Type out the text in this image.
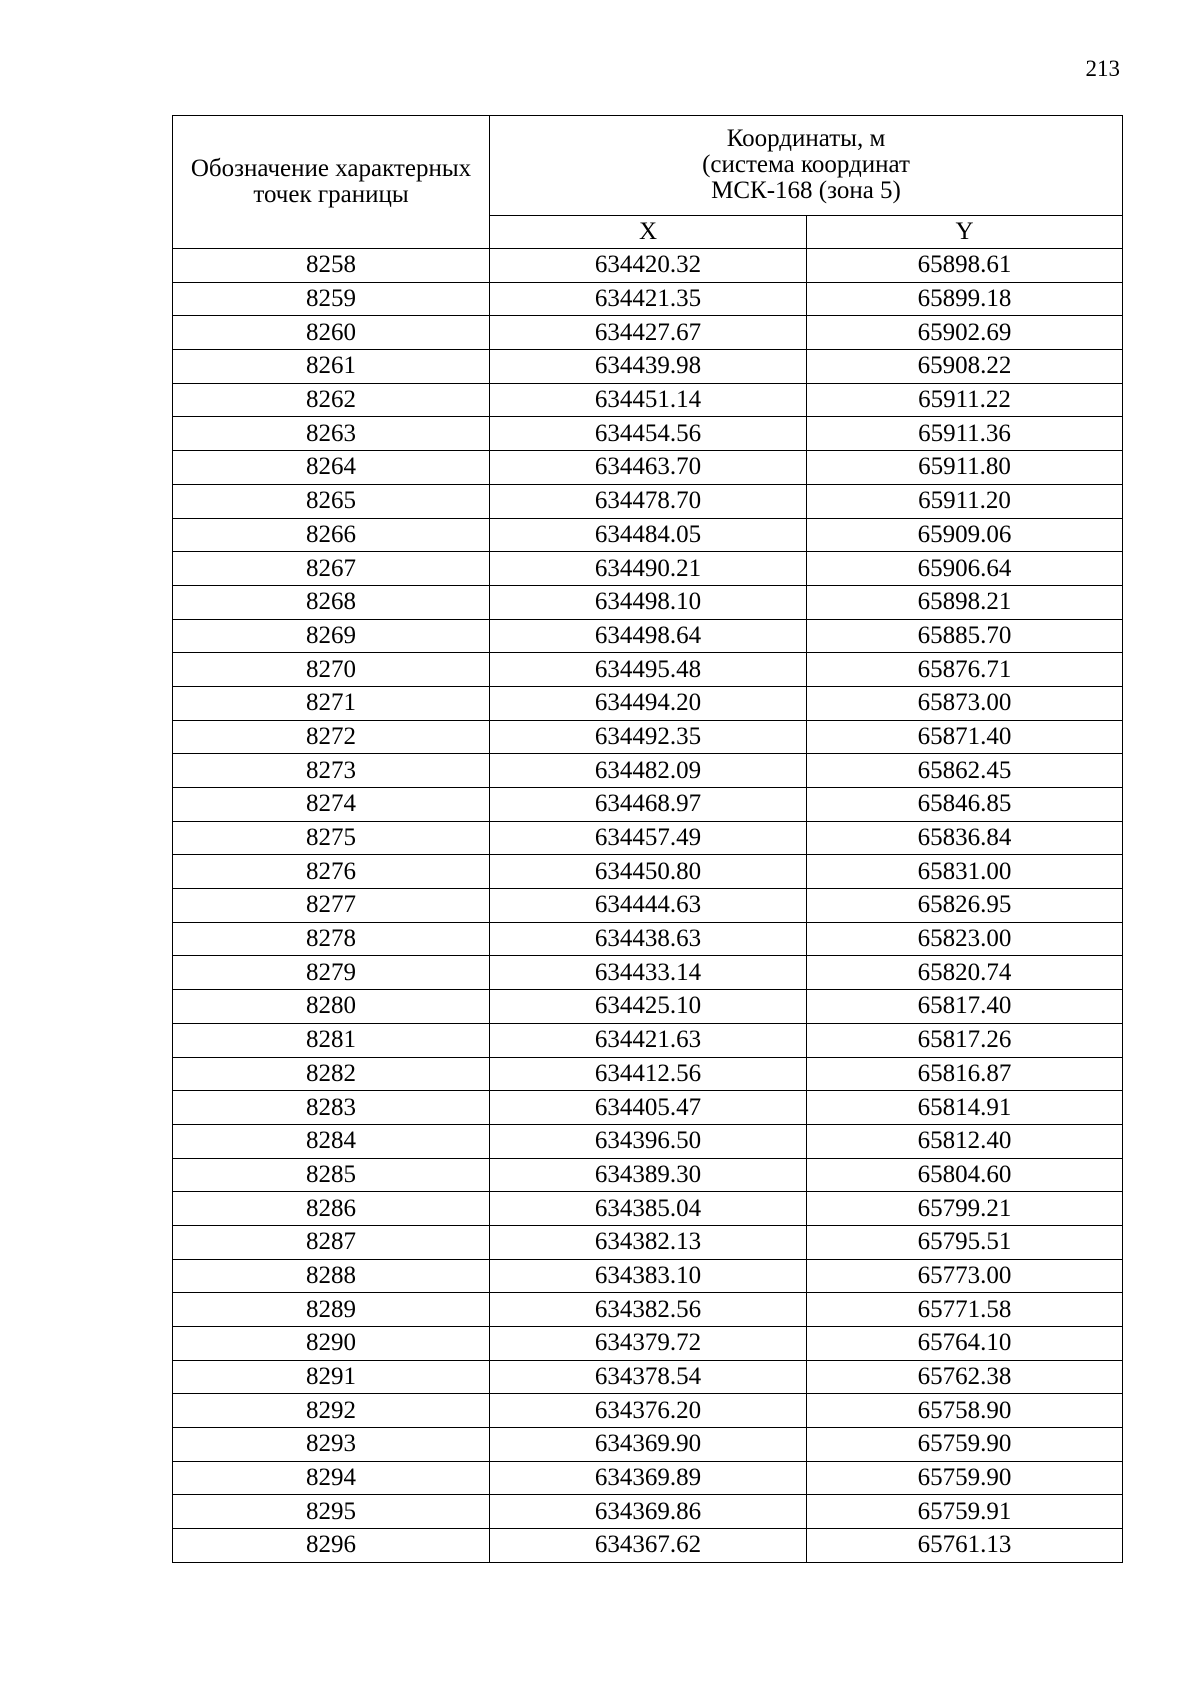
213
Обозначение характерных точек границы	Координаты, м
(система координат
МСК-168 (зона 5)	

	X	Y
8258	634420.32	65898.61
8259	634421.35	65899.18
8260	634427.67	65902.69
8261	634439.98	65908.22
8262	634451.14	65911.22
8263	634454.56	65911.36
8264	634463.70	65911.80
8265	634478.70	65911.20
8266	634484.05	65909.06
8267	634490.21	65906.64
8268	634498.10	65898.21
8269	634498.64	65885.70
8270	634495.48	65876.71
8271	634494.20	65873.00
8272	634492.35	65871.40
8273	634482.09	65862.45
8274	634468.97	65846.85
8275	634457.49	65836.84
8276	634450.80	65831.00
8277	634444.63	65826.95
8278	634438.63	65823.00
8279	634433.14	65820.74
8280	634425.10	65817.40
8281	634421.63	65817.26
8282	634412.56	65816.87
8283	634405.47	65814.91
8284	634396.50	65812.40
8285	634389.30	65804.60
8286	634385.04	65799.21
8287	634382.13	65795.51
8288	634383.10	65773.00
8289	634382.56	65771.58
8290	634379.72	65764.10
8291	634378.54	65762.38
8292	634376.20	65758.90
8293	634369.90	65759.90
8294	634369.89	65759.90
8295	634369.86	65759.91
8296	634367.62	65761.13
